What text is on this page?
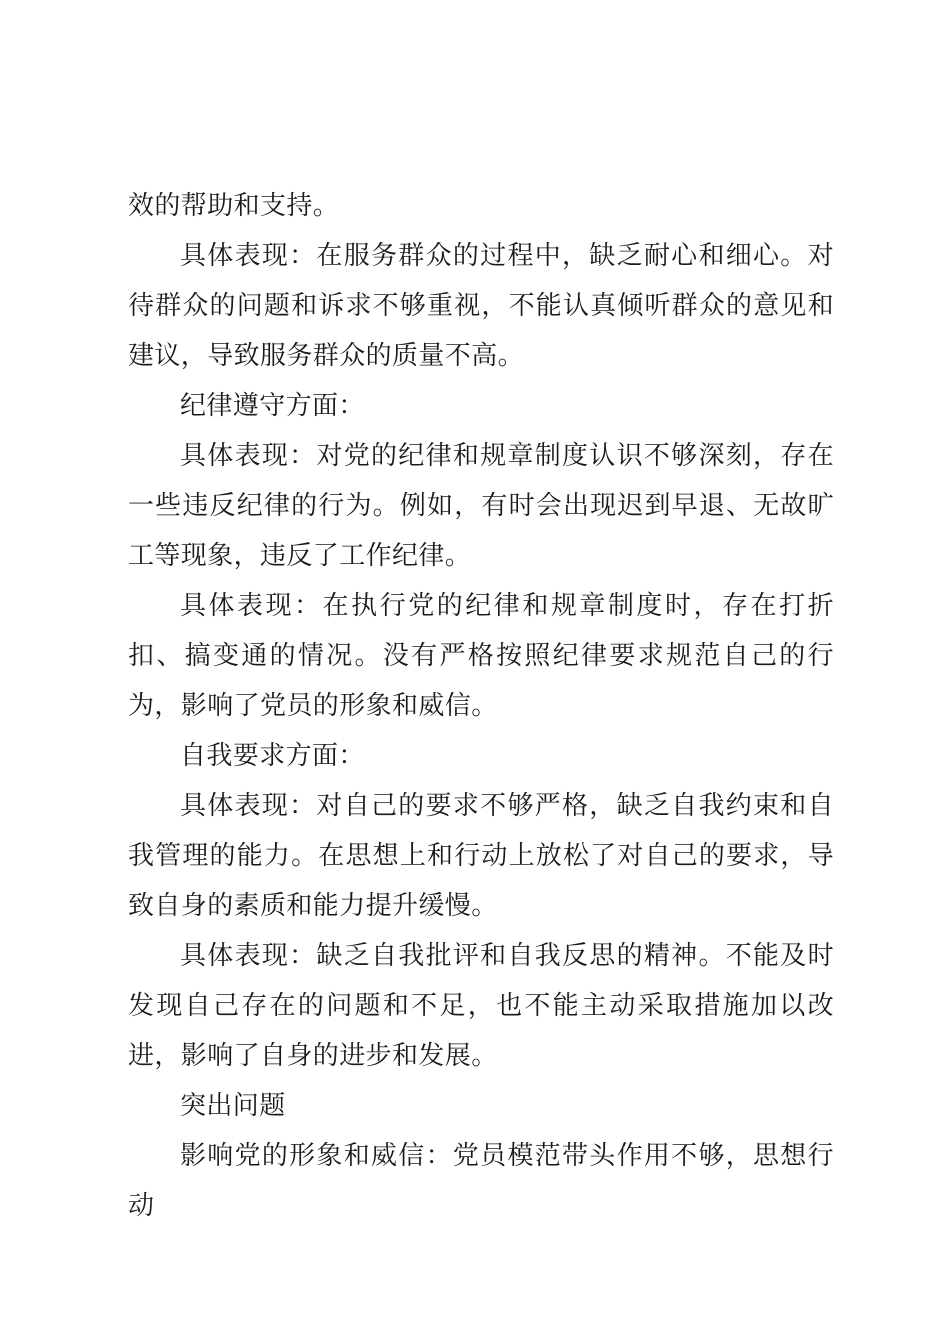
效的帮助和支持。

具体表现：在服务群众的过程中，缺乏耐心和细心。对待群众的问题和诉求不够重视，不能认真倾听群众的意见和建议，导致服务群众的质量不高。

纪律遵守方面：

具体表现：对党的纪律和规章制度认识不够深刻，存在一些违反纪律的行为。例如，有时会出现迟到早退、无故旷工等现象，违反了工作纪律。

具体表现：在执行党的纪律和规章制度时，存在打折扣、搞变通的情况。没有严格按照纪律要求规范自己的行为，影响了党员的形象和威信。

自我要求方面：

具体表现：对自己的要求不够严格，缺乏自我约束和自我管理的能力。在思想上和行动上放松了对自己的要求，导致自身的素质和能力提升缓慢。

具体表现：缺乏自我批评和自我反思的精神。不能及时发现自己存在的问题和不足，也不能主动采取措施加以改进，影响了自身的进步和发展。

突出问题

影响党的形象和威信：党员模范带头作用不够，思想行动
